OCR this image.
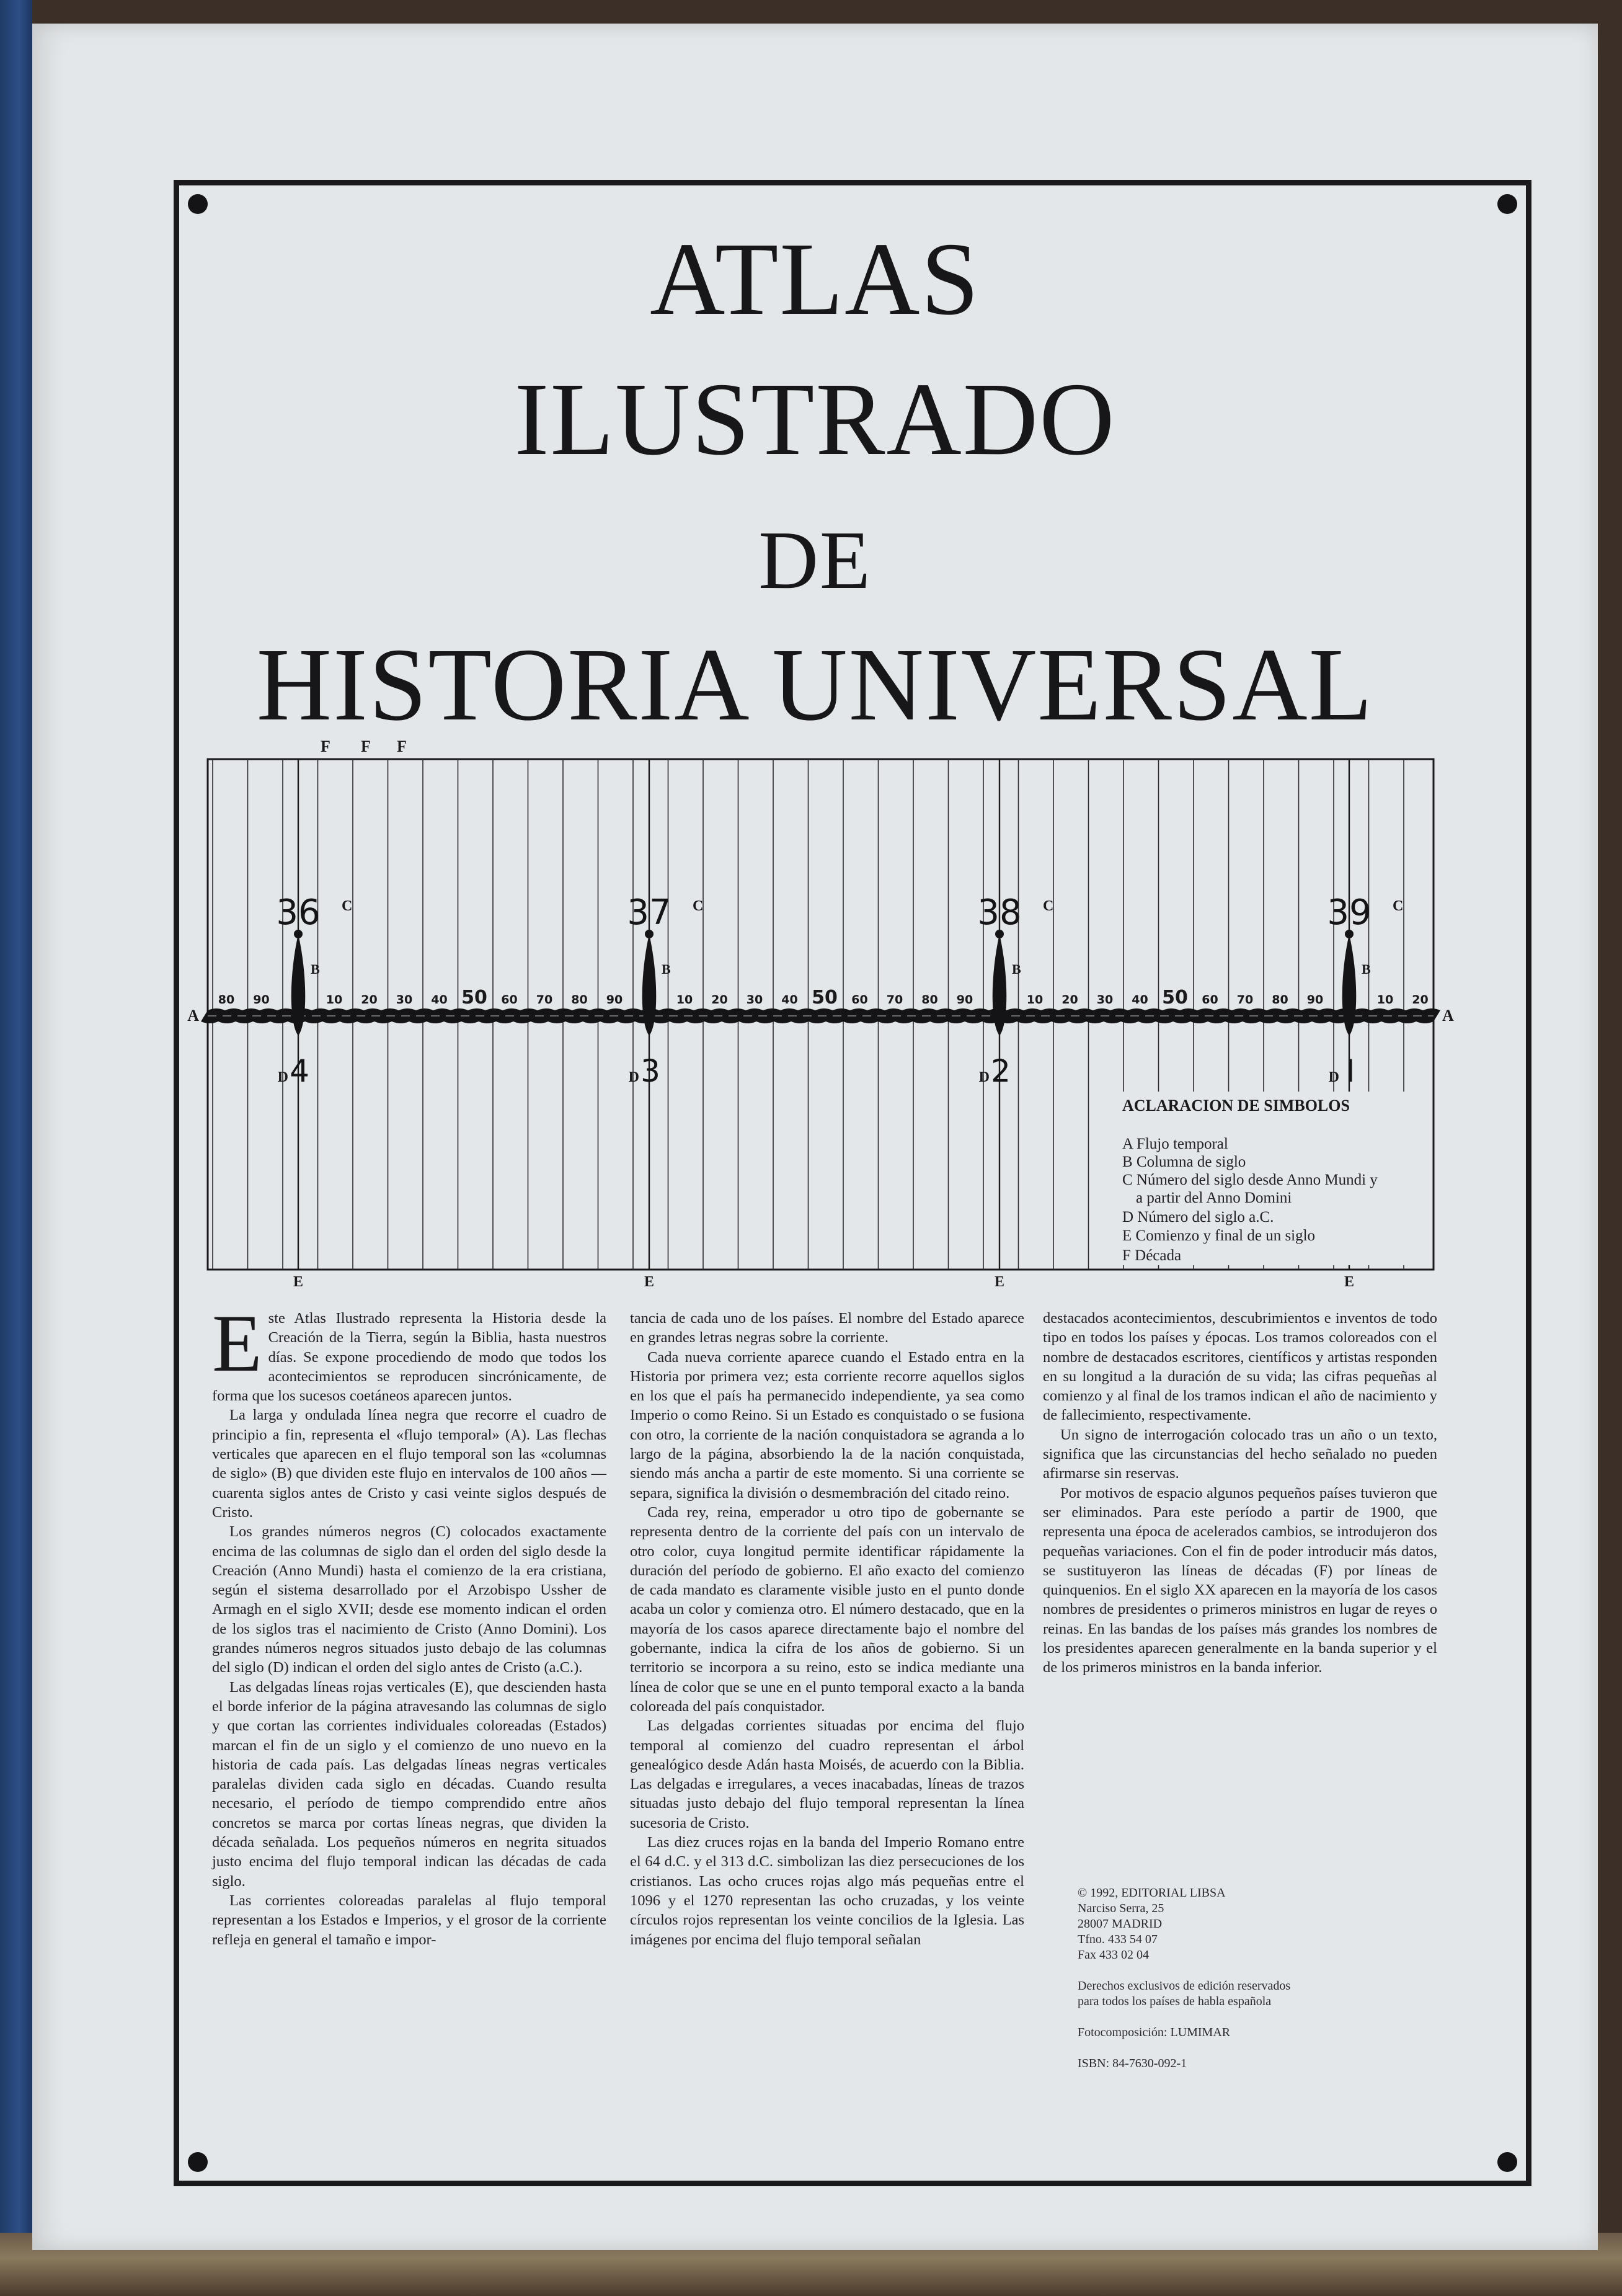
ATLAS
ILUSTRADO
DE
HISTORIA UNIVERSAL
A	A
F F F
36 C
B
4
D
E
37 C
B
3
D
E
38 C
B
2
D
E
39 C
B
I
D
E
80 90	10 20 30 40 50 60 70 80 90	10 20 30 40 50 60 70 80 90	10 20 30 40 50 60 70 80 90	10 20
ACLARACION DE SIMBOLOS
A Flujo temporal
B Columna de siglo
C Número del siglo desde Anno Mundi y
a partir del Anno Domini
D Número del siglo a.C.
E Comienzo y final de un siglo
F Década

Este Atlas Ilustrado representa la Historia desde la Creación de la Tierra, según la Biblia, hasta nuestros días. Se expone procediendo de modo que todos los acontecimientos se reproducen sincrónicamente, de forma que los sucesos coetáneos aparecen juntos.

La larga y ondulada línea negra que recorre el cuadro de principio a fin, representa el «flujo temporal» (A). Las flechas verticales que aparecen en el flujo temporal son las «columnas de siglo» (B) que dividen este flujo en intervalos de 100 años —cuarenta siglos antes de Cristo y casi veinte siglos después de Cristo.

Los grandes números negros (C) colocados exactamente encima de las columnas de siglo dan el orden del siglo desde la Creación (Anno Mundi) hasta el comienzo de la era cristiana, según el sistema desarrollado por el Arzobispo Ussher de Armagh en el siglo XVII; desde ese momento indican el orden de los siglos tras el nacimiento de Cristo (Anno Domini). Los grandes números negros situados justo debajo de las columnas del siglo (D) indican el orden del siglo antes de Cristo (a.C.).

Las delgadas líneas rojas verticales (E), que descienden hasta el borde inferior de la página atravesando las columnas de siglo y que cortan las corrientes individuales coloreadas (Estados) marcan el fin de un siglo y el comienzo de uno nuevo en la historia de cada país. Las delgadas líneas negras verticales paralelas dividen cada siglo en décadas. Cuando resulta necesario, el período de tiempo comprendido entre años concretos se marca por cortas líneas negras, que dividen la década señalada. Los pequeños números en negrita situados justo encima del flujo temporal indican las décadas de cada siglo.

Las corrientes coloreadas paralelas al flujo temporal representan a los Estados e Imperios, y el grosor de la corriente refleja en general el tamaño e impor-

tancia de cada uno de los países. El nombre del Estado aparece en grandes letras negras sobre la corriente.

Cada nueva corriente aparece cuando el Estado entra en la Historia por primera vez; esta corriente recorre aquellos siglos en los que el país ha permanecido independiente, ya sea como Imperio o como Reino. Si un Estado es conquistado o se fusiona con otro, la corriente de la nación conquistadora se agranda a lo largo de la página, absorbiendo la de la nación conquistada, siendo más ancha a partir de este momento. Si una corriente se separa, significa la división o desmembración del citado reino.

Cada rey, reina, emperador u otro tipo de gobernante se representa dentro de la corriente del país con un intervalo de otro color, cuya longitud permite identificar rápidamente la duración del período de gobierno. El año exacto del comienzo de cada mandato es claramente visible justo en el punto donde acaba un color y comienza otro. El número destacado, que en la mayoría de los casos aparece directamente bajo el nombre del gobernante, indica la cifra de los años de gobierno. Si un territorio se incorpora a su reino, esto se indica mediante una línea de color que se une en el punto temporal exacto a la banda coloreada del país conquistador.

Las delgadas corrientes situadas por encima del flujo temporal al comienzo del cuadro representan el árbol genealógico desde Adán hasta Moisés, de acuerdo con la Biblia. Las delgadas e irregulares, a veces inacabadas, líneas de trazos situadas justo debajo del flujo temporal representan la línea sucesoria de Cristo.

Las diez cruces rojas en la banda del Imperio Romano entre el 64 d.C. y el 313 d.C. simbolizan las diez persecuciones de los cristianos. Las ocho cruces rojas algo más pequeñas entre el 1096 y el 1270 representan las ocho cruzadas, y los veinte círculos rojos representan los veinte concilios de la Iglesia. Las imágenes por encima del flujo temporal señalan

destacados acontecimientos, descubrimientos e inventos de todo tipo en todos los países y épocas. Los tramos coloreados con el nombre de destacados escritores, científicos y artistas responden en su longitud a la duración de su vida; las cifras pequeñas al comienzo y al final de los tramos indican el año de nacimiento y de fallecimiento, respectivamente.

Un signo de interrogación colocado tras un año o un texto, significa que las circunstancias del hecho señalado no pueden afirmarse sin reservas.

Por motivos de espacio algunos pequeños países tuvieron que ser eliminados. Para este período a partir de 1900, que representa una época de acelerados cambios, se introdujeron dos pequeñas variaciones. Con el fin de poder introducir más datos, se sustituyeron las líneas de décadas (F) por líneas de quinquenios. En el siglo XX aparecen en la mayoría de los casos nombres de presidentes o primeros ministros en lugar de reyes o reinas. En las bandas de los países más grandes los nombres de los presidentes aparecen generalmente en la banda superior y el de los primeros ministros en la banda inferior.

© 1992, EDITORIAL LIBSA
Narciso Serra, 25
28007 MADRID
Tfno. 433 54 07
Fax 433 02 04
Derechos exclusivos de edición reservados
para todos los países de habla española
Fotocomposición: LUMIMAR
ISBN: 84-7630-092-1
